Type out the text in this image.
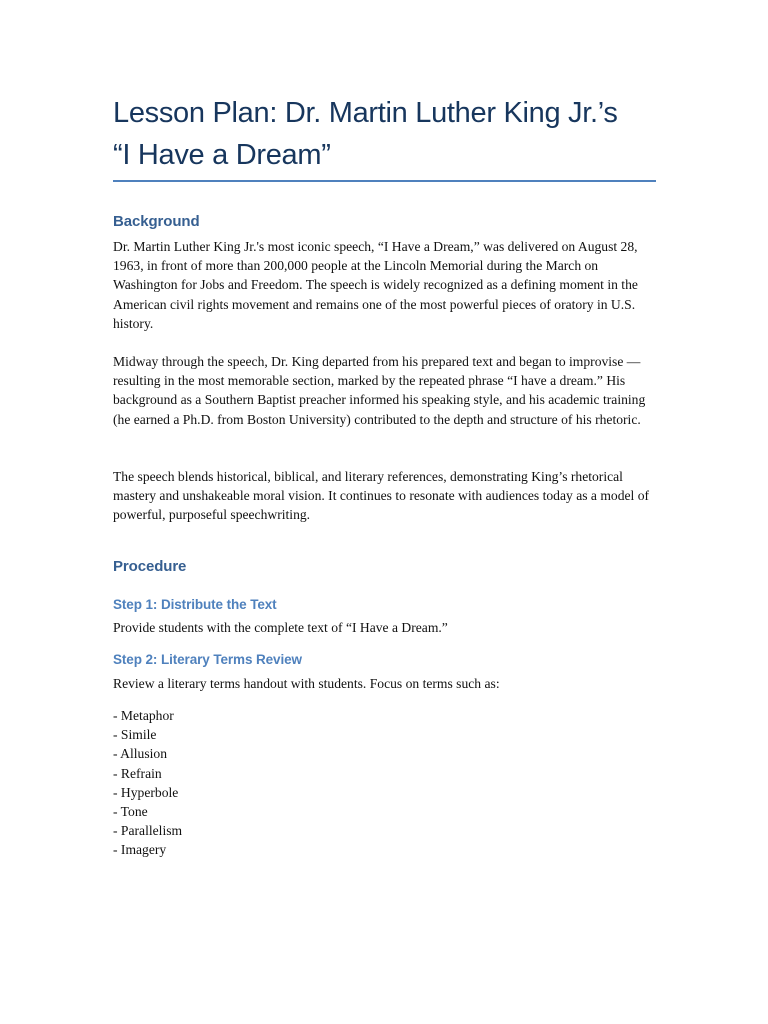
Lesson Plan: Dr. Martin Luther King Jr.’s
“I Have a Dream”
Background

Dr. Martin Luther King Jr.'s most iconic speech, “I Have a Dream,” was delivered on August 28, 1963, in front of more than 200,000 people at the Lincoln Memorial during the March on Washington for Jobs and Freedom. The speech is widely recognized as a defining moment in the American civil rights movement and remains one of the most powerful pieces of oratory in U.S. history.

Midway through the speech, Dr. King departed from his prepared text and began to improvise — resulting in the most memorable section, marked by the repeated phrase “I have a dream.” His background as a Southern Baptist preacher informed his speaking style, and his academic training (he earned a Ph.D. from Boston University) contributed to the depth and structure of his rhetoric.

The speech blends historical, biblical, and literary references, demonstrating King’s rhetorical mastery and unshakeable moral vision. It continues to resonate with audiences today as a model of powerful, purposeful speechwriting.

Procedure
Step 1: Distribute the Text

Provide students with the complete text of “I Have a Dream.”

Step 2: Literary Terms Review

Review a literary terms handout with students. Focus on terms such as:

- Metaphor
- Simile
- Allusion
- Refrain
- Hyperbole
- Tone
- Parallelism
- Imagery
